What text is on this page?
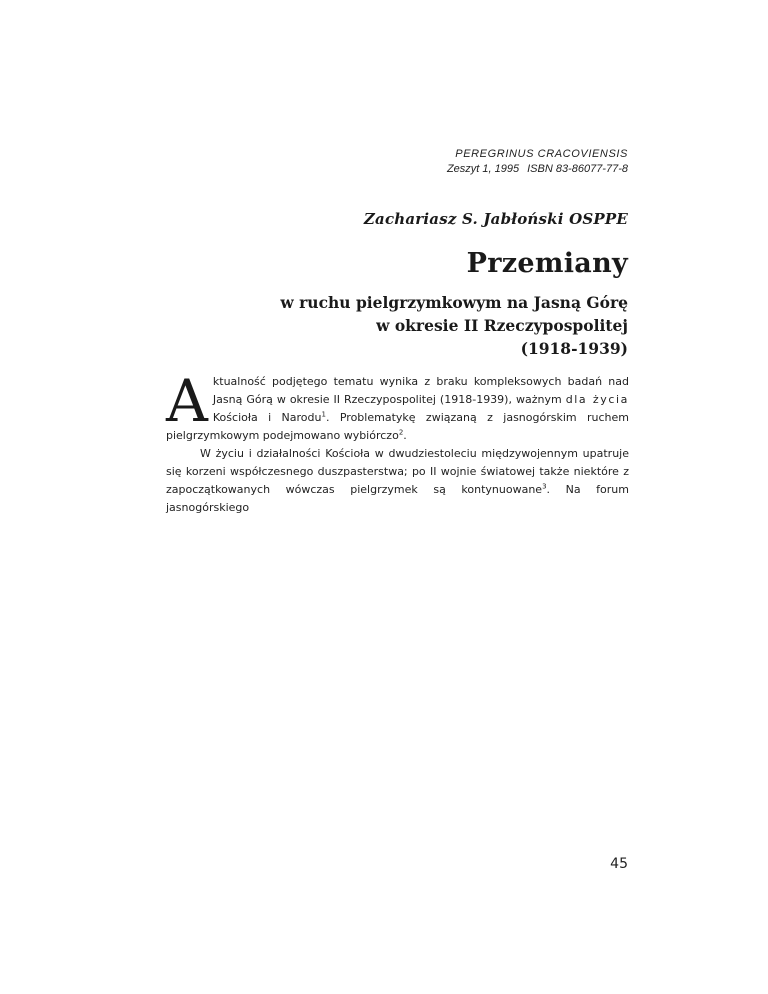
PEREGRINUS CRACOVIENSIS
Zeszyt 1, 1995 ISBN 83-86077-77-8
Zachariasz S. Jabłoński OSPPE
Przemiany
w ruchu pielgrzymkowym na Jasną Górę
w okresie II Rzeczypospolitej
(1918-1939)

Aktualność podjętego tematu wynika z braku kompleksowych badań nad Jasną Górą w okresie II Rzeczypospolitej (1918-1939), ważnym dla życia Kościoła i Narodu$^1$. Problematykę związaną z jasnogórskim ruchem pielgrzymkowym podejmowano wybiórczo$^2$.

W życiu i działalności Kościoła w dwudziestoleciu międzywojennym upatruje się korzeni współczesnego duszpasterstwa; po II wojnie światowej także niektóre z zapoczątkowanych wówczas pielgrzymek są kontynuowane$^3$. Na forum jasnogórskiego

45
